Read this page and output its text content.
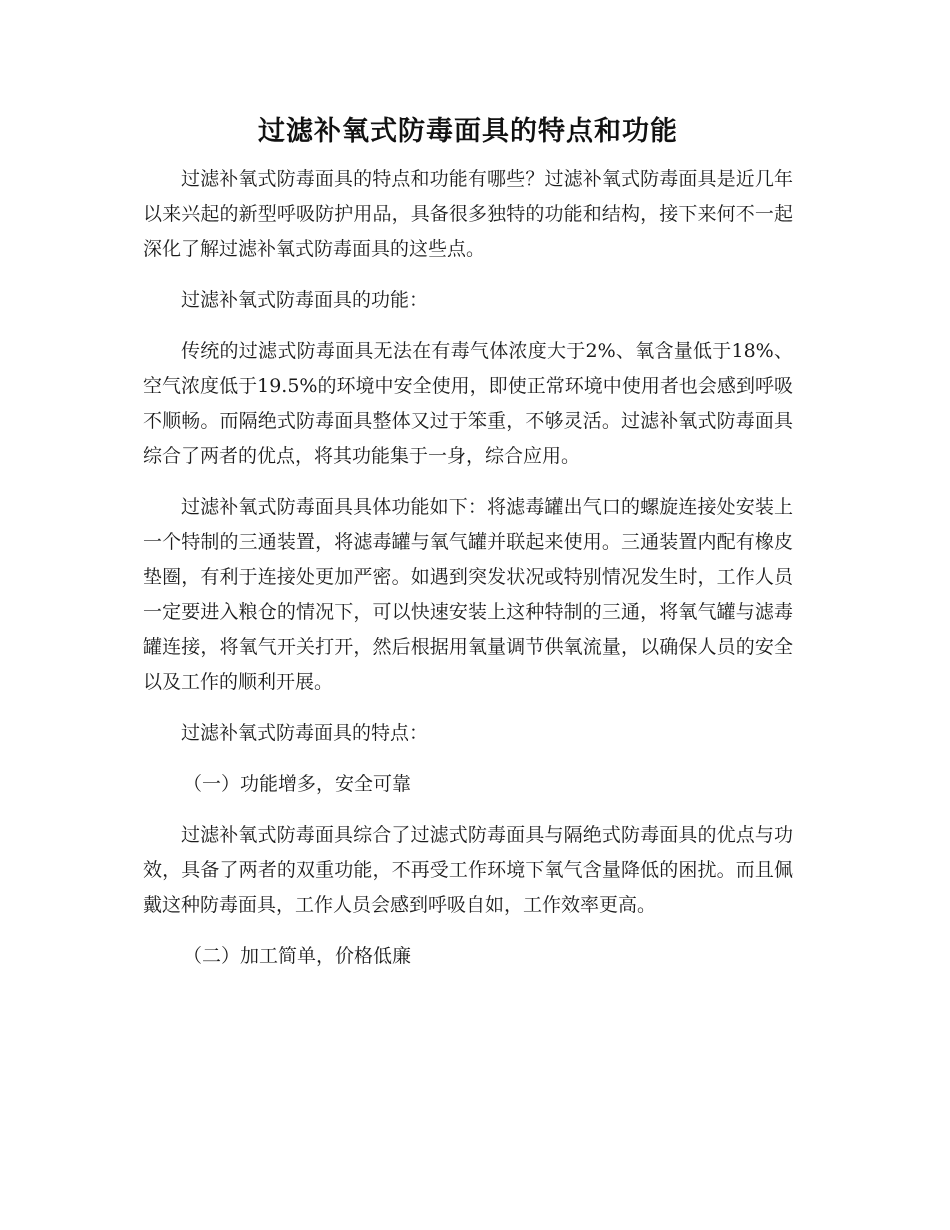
过滤补氧式防毒面具的特点和功能

过滤补氧式防毒面具的特点和功能有哪些？过滤补氧式防毒面具是近几年以来兴起的新型呼吸防护用品，具备很多独特的功能和结构，接下来何不一起深化了解过滤补氧式防毒面具的这些点。

过滤补氧式防毒面具的功能：

传统的过滤式防毒面具无法在有毒气体浓度大于2%、氧含量低于18%、空气浓度低于19.5%的环境中安全使用，即使正常环境中使用者也会感到呼吸不顺畅。而隔绝式防毒面具整体又过于笨重，不够灵活。过滤补氧式防毒面具综合了两者的优点，将其功能集于一身，综合应用。

过滤补氧式防毒面具具体功能如下：将滤毒罐出气口的螺旋连接处安装上一个特制的三通装置，将滤毒罐与氧气罐并联起来使用。三通装置内配有橡皮垫圈，有利于连接处更加严密。如遇到突发状况或特别情况发生时，工作人员一定要进入粮仓的情况下，可以快速安装上这种特制的三通，将氧气罐与滤毒罐连接，将氧气开关打开，然后根据用氧量调节供氧流量，以确保人员的安全以及工作的顺利开展。

过滤补氧式防毒面具的特点：

（一）功能增多，安全可靠

过滤补氧式防毒面具综合了过滤式防毒面具与隔绝式防毒面具的优点与功效，具备了两者的双重功能，不再受工作环境下氧气含量降低的困扰。而且佩戴这种防毒面具，工作人员会感到呼吸自如，工作效率更高。

（二）加工简单，价格低廉
